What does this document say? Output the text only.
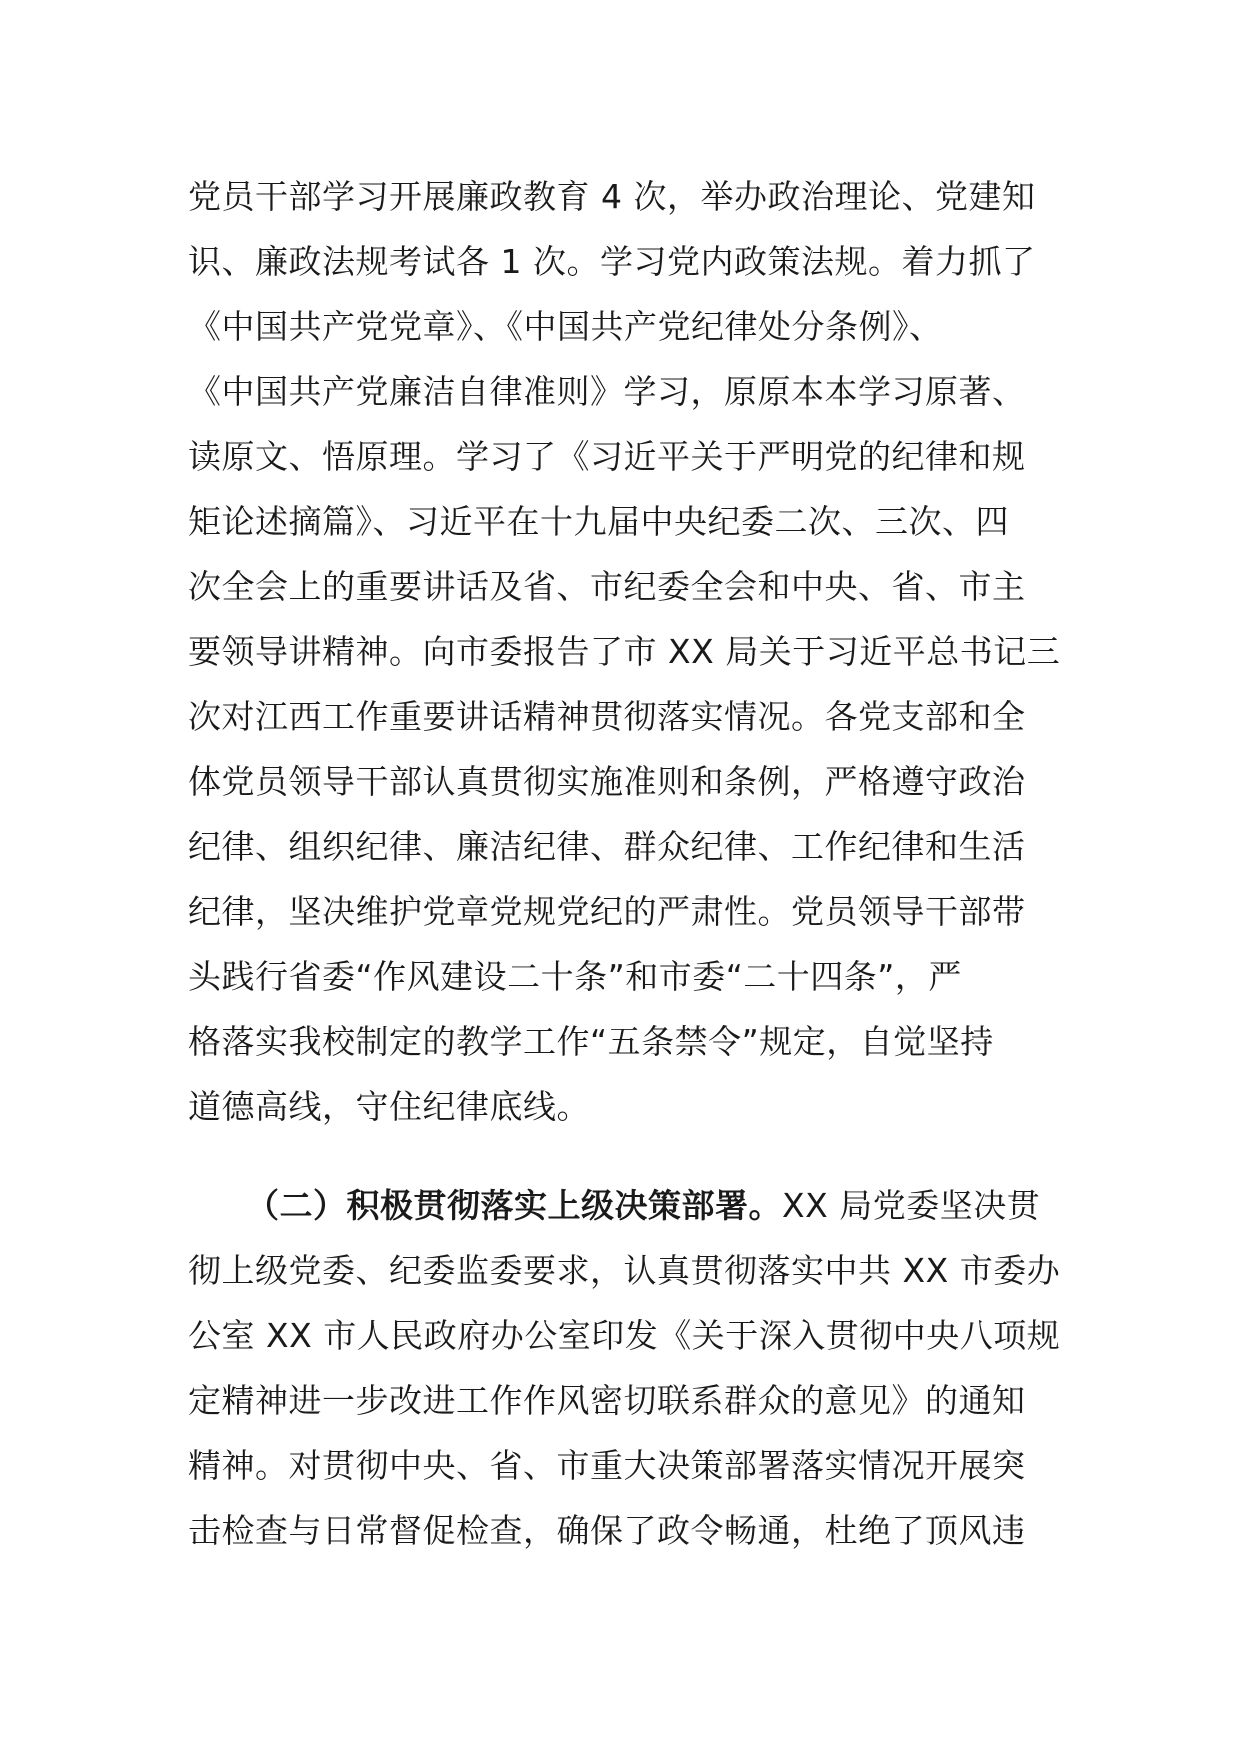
党员干部学习开展廉政教育 4 次，举办政治理论、党建知
识、廉政法规考试各 1 次。学习党内政策法规。着力抓了
《中国共产党党章》、《中国共产党纪律处分条例》、
《中国共产党廉洁自律准则》学习，原原本本学习原著、
读原文、悟原理。学习了《习近平关于严明党的纪律和规
矩论述摘篇》、习近平在十九届中央纪委二次、三次、四
次全会上的重要讲话及省、市纪委全会和中央、省、市主
要领导讲精神。向市委报告了市 XX 局关于习近平总书记三
次对江西工作重要讲话精神贯彻落实情况。各党支部和全
体党员领导干部认真贯彻实施准则和条例，严格遵守政治
纪律、组织纪律、廉洁纪律、群众纪律、工作纪律和生活
纪律，坚决维护党章党规党纪的严肃性。党员领导干部带
头践行省委“作风建设二十条”和市委“二十四条”，严
格落实我校制定的教学工作“五条禁令”规定，自觉坚持
道德高线，守住纪律底线。
（二）积极贯彻落实上级决策部署。XX 局党委坚决贯
彻上级党委、纪委监委要求，认真贯彻落实中共 XX 市委办
公室 XX 市人民政府办公室印发《关于深入贯彻中央八项规
定精神进一步改进工作作风密切联系群众的意见》的通知
精神。对贯彻中央、省、市重大决策部署落实情况开展突
击检查与日常督促检查，确保了政令畅通，杜绝了顶风违
